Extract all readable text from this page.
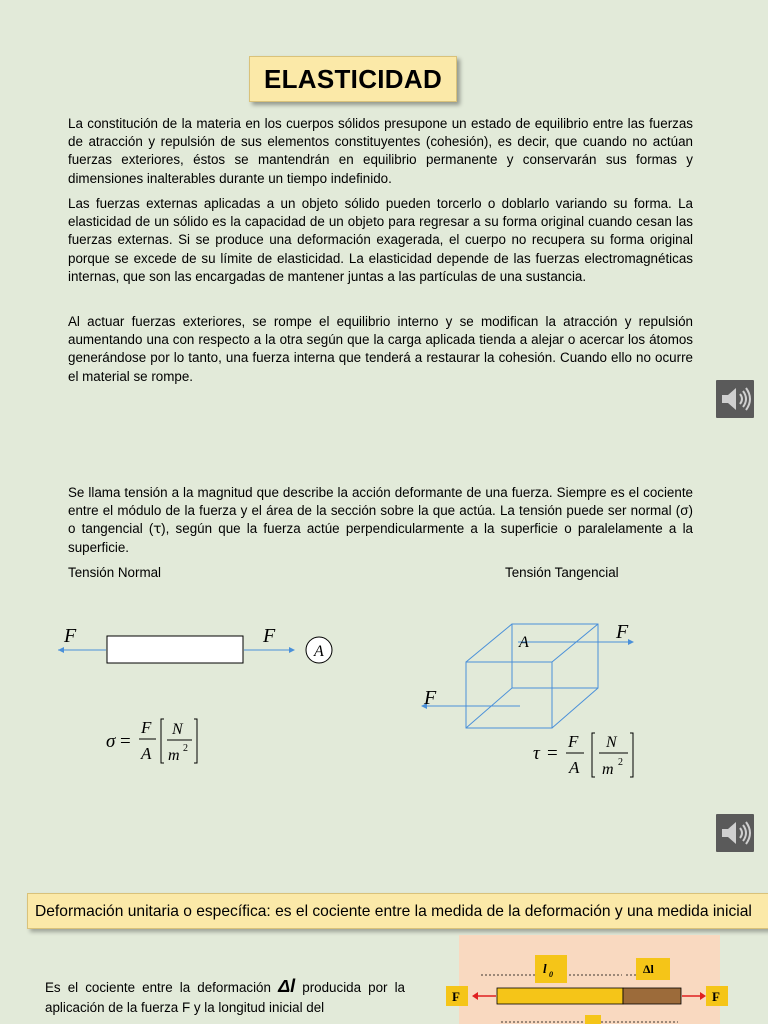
ELASTICIDAD

La constitución de la materia en los cuerpos sólidos presupone un estado de equilibrio entre las fuerzas de atracción y repulsión de sus elementos constituyentes (cohesión), es decir, que cuando no actúan fuerzas exteriores, éstos se mantendrán en equilibrio permanente y conservarán sus formas y dimensiones inalterables durante un tiempo indefinido.

Las fuerzas externas aplicadas a un objeto sólido pueden torcerlo o doblarlo variando su forma. La elasticidad de un sólido es la capacidad de un objeto para regresar a su forma original cuando cesan las fuerzas externas. Si se produce una deformación exagerada, el cuerpo no recupera su forma original porque se excede de su límite de elasticidad. La elasticidad depende de las fuerzas electromagnéticas internas, que son las encargadas de mantener juntas a las partículas de una sustancia.

Al actuar fuerzas exteriores, se rompe el equilibrio interno y se modifican la atracción y repulsión aumentando una con respecto a la otra según que la carga aplicada tienda a alejar o acercar los átomos generándose por lo tanto, una fuerza interna que tenderá a restaurar la cohesión. Cuando ello no ocurre el material se rompe.

Se llama tensión a la magnitud que describe la acción deformante de una fuerza. Siempre es el cociente entre el módulo de la fuerza y el área de la sección sobre la que actúa. La tensión puede ser normal (σ) o tangencial (ꚍ), según que la fuerza actúe perpendicularmente a la superficie o paralelamente a la superficie.

Tensión Normal	Tensión Tangencial
F	F
A
σ =
F
A
N
m 2
F
F
A
τ =
F
A
N
m 2
Deformación unitaria o específica: es el cociente entre la medida de la deformación y una medida inicial
Es el cociente entre la deformación Δl producida por la aplicación de la fuerza F y la longitud inicial del
l 0	Δl
F	F
